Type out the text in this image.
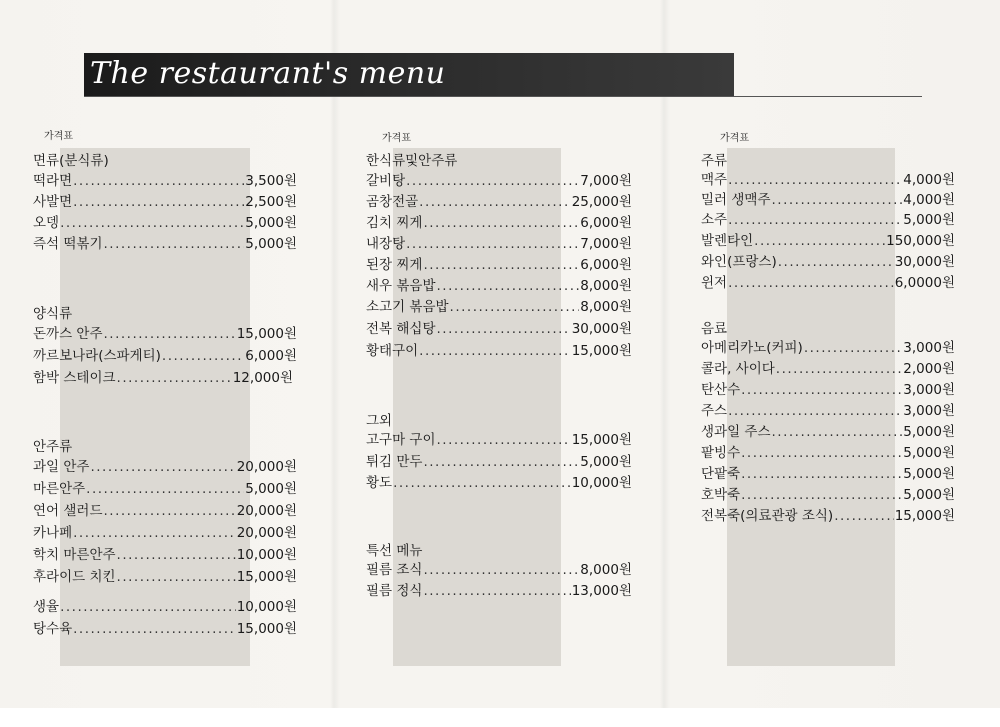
The restaurant's menu
가격표	가격표	가격표
면류(분식류)
떡라면 .....	3,500원
사발면 .....	2,500원
오뎅 .....	5,000원
즉석 떡볶기 .....	5,000원
양식류
돈까스 안주 .....	15,000원
까르보나라(스파게티) .....	6,000원
함박 스테이크 .....	12,000원
안주류
과일 안주 .....	20,000원
마른안주 .....	5,000원
연어 샐러드 .....	20,000원
카나페 .....	20,000원
학치 마른안주 .....	10,000원
후라이드 치킨 .....	15,000원
생율 .....	10,000원
탕수육 .....	15,000원
한식류및안주류
갈비탕 .....	7,000원
곰창전골 .....	25,000원
김치 찌게 .....	6,000원
내장탕 .....	7,000원
된장 찌게 .....	6,000원
새우 볶음밥 .....	8,000원
소고기 볶음밥 .....	8,000원
전복 해십탕 .....	30,000원
황태구이 .....	15,000원
그외
고구마 구이 .....	15,000원
튀김 만두 .....	5,000원
황도 .....	10,000원
특선 메뉴
필름 조식 .....	8,000원
필름 정식 .....	13,000원
주류
맥주 .....	4,000원
밀러 생맥주 .....	4,000원
소주 .....	5,000원
발렌타인 .....	150,000원
와인(프랑스) .....	30,000원
윈저 .....	6,0000원
음료
아메리카노(커피) .....	3,000원
콜라, 사이다 .....	2,000원
탄산수 .....	3,000원
주스 .....	3,000원
생과일 주스 .....	5,000원
팥빙수 .....	5,000원
단팥죽 .....	5,000원
호박죽 .....	5,000원
전복죽(의료관광 조식) .....	15,000원
